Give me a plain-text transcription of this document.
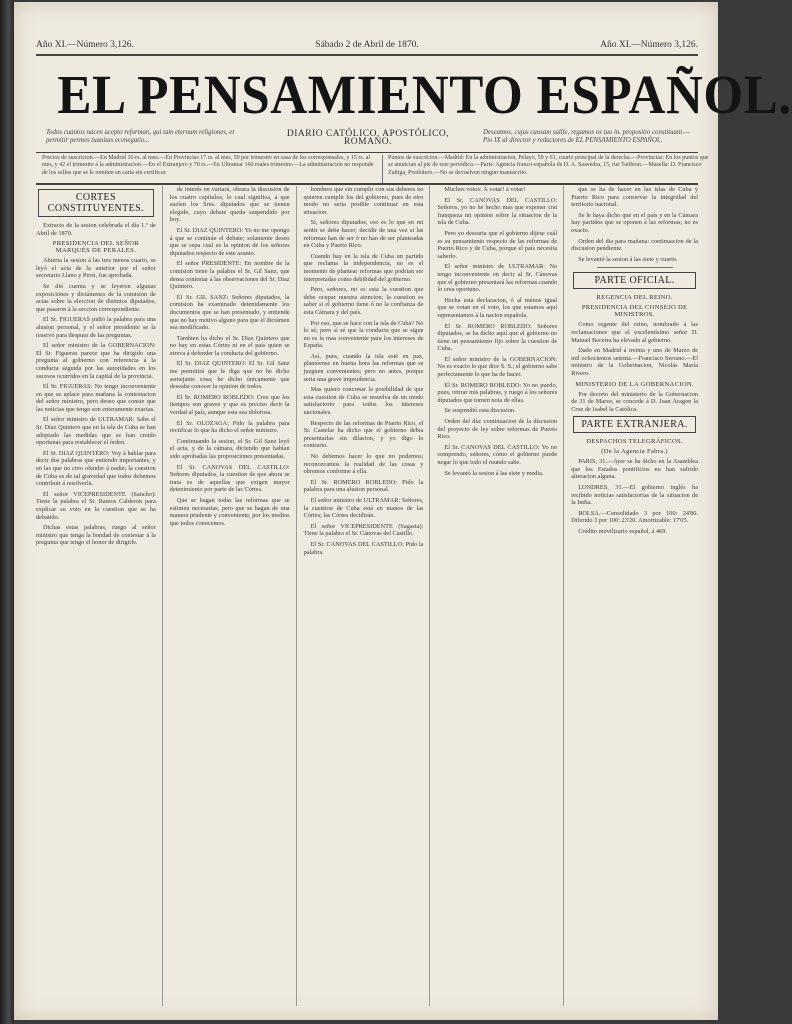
Año XI.—Número 3,126.	Sábado 2 de Abril de 1870.	Año XI.—Número 3,126.
EL PENSAMIENTO ESPAÑOL.
Todos cuantos nacen acepto reforman, qui tam eternum religiones, et permitir permes tuanitas ecenegatio...
DIARIO CATÓLICO, APOSTÓLICO, ROMANO.
Deseamos, cujus causam salile, regamos os tuo in. propositio constituant.—Pio IX al director y redactores de EL PENSAMIENTO ESPAÑOL.
Precios de suscricion.—En Madrid 10 rs. al mes.—En Provincias 17 rs. al mes, 50 por trimestre en casa de los corresponsales, y 15 rs. al mes, y 42 el trimestre á la administracion.—En el Extranjero y 70 rs.—En Ultramar 160 reales trimestre.—La administracion no responde de los sellos que se le remiten en carta sin certificar.
Puntos de suscricion.—Madrid: En la administracion, Pelayo, 59 y 61, cuarto principal de la derecha.—Provincias: En los puntos que se anuncian al pie de este periódico.—Paris: Agencia franco-española de D. A. Saavedra, 15, rue Taitbout.—Masella: D. Francisco Zuñiga, Presbítero.—No se devuelven ningun manuscrito.
CORTES CONSTITUYENTES.

Extracto de la sesion celebrada el día 1.º de Abril de 1870.

PRESIDENCIA DEL SEÑOR MARQUÉS DE PERALES.

Abierta la sesion á las tres menos cuarto, se leyó el acta de la anterior por el señor secretario Llano y Persi, fue aprobada.

Se dió cuenta y se leyeron algunas exposiciones y dictámenes de la comision de actas sobre la eleccion de distintos diputados, que pasaron á la seccion correspondiente.

El Sr. FIGUERAS pidió la palabra para una alusion personal, y el señor presidente se la reservó para despues de las preguntas.

El señor ministro de la GOBERNACION: El Sr. Figueras parece que ha dirigido una pregunta al gobierno con referencia á la conducta seguida por las autoridades en los sucesos ocurridos en la capital de la provincia.

El Sr. FIGUERAS: No tengo inconveniente en que se aplace para mañana la contestacion del señor ministro, pero deseo que conste que las noticias que tengo son enteramente exactas.

El señor ministro de ULTRAMAR: Sabe el Sr. Diaz Quintero que en la isla de Cuba se han adoptado las medidas que se han creido oportunas para restablecer el órden.

El Sr. DIAZ QUINTERO: Voy á hablar para decir dos palabras que entiendo importantes, y en las que no creo ofender á nadie; la cuestion de Cuba es de tal gravedad que todos debemos contribuir á resolverla.

El señor VICEPRESIDENTE (Sancho): Tiene la palabra el Sr. Ramos Calderon para explicar su voto en la cuestion que se ha debatido.

Dichas estas palabras, ruego al señor ministro que tenga la bondad de contestar á la pregunta que tengo el honor de dirigirle.

de interés en variará, obrara la discusion de los cuatro capítulos; lo cual significa, á que suelen los Sres. diputados que se tienen elegido, cuyo debate queda suspendido por hoy.

El Sr. DIAZ QUINTERO: Yo no me opongo á que se continúe el debate; solamente deseo que se sepa cual es la opinion de los señores diputados respecto de este asunto.

El señor PRESIDENTE: En nombre de la comision tiene la palabra el Sr. Gil Sanz, que desea contestar á las observaciones del Sr. Diaz Quintero.

El Sr. GIL SANZ: Señores diputados, la comision ha examinado detenidamente los documentos que se han presentado, y entiende que no hay motivo alguno para que el dictámen sea modificado.

Tambien ha dicho el Sr. Diaz Quintero que no hay en estas Córtes ni en el país quien se atreva á defender la conducta del gobierno.

El Sr. DIAZ QUINTERO: El Sr. Gil Sanz me permitirá que le diga que no he dicho semejante cosa; he dicho únicamente que deseaba conocer la opinion de todos.

El Sr. ROMERO ROBLEDO: Cree que los tiempos son graves y que es preciso decir la verdad al país, aunque esta sea dolorosa.

El Sr. OLOZAGA: Pido la palabra para rectificar lo que ha dicho el señor ministro.

Continuando la sesion, el Sr. Gil Sanz leyó el acta, y de la cámara, diciendo que habian sido aprobadas las proposiciones presentadas.

El Sr. CANOVAS DEL CASTILLO: Señores diputados, la cuestion de que ahora se trata es de aquellas que exigen mayor detenimiento por parte de las Córtes.

Que se hagan todas las reformas que se estimen necesarias, pero que se hagan de una manera prudente y conveniente, por los medios que todos conocemos.

hombres que sin cumplir con sus deberes no quieren cumplir los del gobierno, pues de otro modo no seria posible continuar en esta situacion.

Sí, señores diputados, eso es lo que en mi sentir se debe hacer; decidir de una vez si las reformas han de ser ó no han de ser planteadas en Cuba y Puerto Rico.

Cuando hay en la isla de Cuba un partido que reclama la independencia, no es el momento de plantear reformas que podrian ser interpretadas como debilidad del gobierno.

Pero, señores, no es esta la cuestion que debe ocupar nuestra atencion; la cuestion es saber si el gobierno tiene ó no la confianza de esta Cámara y del país.

Por eso, que se hace con la isla de Cuba? No lo sé; pero sí sé que la conducta que se sigue no es la mas conveniente para los intereses de España.

Así, pues, cuando la isla esté en paz, plantéense en buena hora las reformas que se juzguen convenientes; pero no antes, porque seria una grave imprudencia.

Mas quiero concretar la posibilidad de que esta cuestion de Cuba se resuelva de un modo satisfactorio para todos los intereses nacionales.

Respecto de las reformas de Puerto Rico, el Sr. Castelar ha dicho que el gobierno debia presentarlas sin dilacion, y yo digo lo contrario.

No debemos hacer lo que no podemos; reconozcamos la realidad de las cosas y obremos conforme á ella.

El Sr. ROMERO ROBLEDO: Pido la palabra para una alusion personal.

El señor ministro de ULTRAMAR: Señores, la cuestion de Cuba está en manos de las Córtes; las Córtes decidirán.

El señor VICEPRESIDENTE (Sagasta): Tiene la palabra el Sr. Cánovas del Castillo.

El Sr. CANOVAS DEL CASTILLO: Pido la palabra.

Muchos votos: Á votar! á votar!

El Sr. CANOVAS DEL CASTILLO: Señores, yo no he hecho mas que exponer con franqueza mi opinion sobre la situacion de la isla de Cuba.

Pero yo desearia que el gobierno dijese cuál es su pensamiento respecto de las reformas de Puerto Rico y de Cuba, porque el país necesita saberlo.

El señor ministro de ULTRAMAR: No tengo inconveniente en decir al Sr. Cánovas que el gobierno presentará las reformas cuando lo crea oportuno.

Hecha esta declaracion, ó al ménos igual que se votan en el voto, los que estamos aquí representamos á la nacion española.

El Sr. ROMERO ROBLEDO: Señores diputados, se ha dicho aquí que el gobierno no tiene un pensamiento fijo sobre la cuestion de Cuba.

El señor ministro de la GOBERNACION: No es exacto lo que dice S. S.; el gobierno sabe perfectamente lo que ha de hacer.

El Sr. ROMERO ROBLEDO: Yo no puedo, pues, retirar mis palabras, y ruego á los señores diputados que tomen nota de ellas.

Se suspendió esta discusion.

Orden del dia: continuacion de la discusion del proyecto de ley sobre reformas de Puerto Rico.

El Sr. CANOVAS DEL CASTILLO: Yo no comprendo, señores, cómo el gobierno puede negar lo que todo el mundo sabe.

Se levantó la sesion á las siete y media.

que se ha de hacer en las islas de Cuba y Puerto Rico para conservar la integridad del territorio nacional.

Se le haya dicho que en el país y en la Cámara hay partidos que se oponen á las reformas; no es exacto.

Orden del dia para mañana: continuacion de la discusion pendiente.

Se levantó la sesion á las siete y cuarto.

PARTE OFICIAL.
REGENCIA DEL REINO.
PRESIDENCIA DEL CONSEJO DE MINISTROS.

Como regente del reino, nombrado á las reclamaciones que el excelentísimo señor D. Manuel Becerra ha elevado al gobierno.

Dado en Madrid á treinta y uno de Marzo de mil ochocientos setenta.—Francisco Serrano.—El ministro de la Gobernacion, Nicolás María Rivero.

MINISTERIO DE LA GOBERNACION.

Por decreto del ministerio de la Gobernacion de 31 de Marzo, se concede á D. Juan Aragon la Cruz de Isabel la Católica.

PARTE EXTRANJERA.
DESPACHOS TELEGRÁFICOS.
(De la Agencia Fabra.)

PARIS, 31.—Ayer se ha dicho en la Asamblea que los Estados pontificios no han sufrido alteracion alguna.

LONDRES, 31.—El gobierno inglés ha recibido noticias satisfactorias de la situacion de la India.

BOLSA.—Consolidado 3 por 100: 24'80. Diferido 3 por 100: 23'20. Amortizable: 17'05.

Crédito movilizario español, á 469.
